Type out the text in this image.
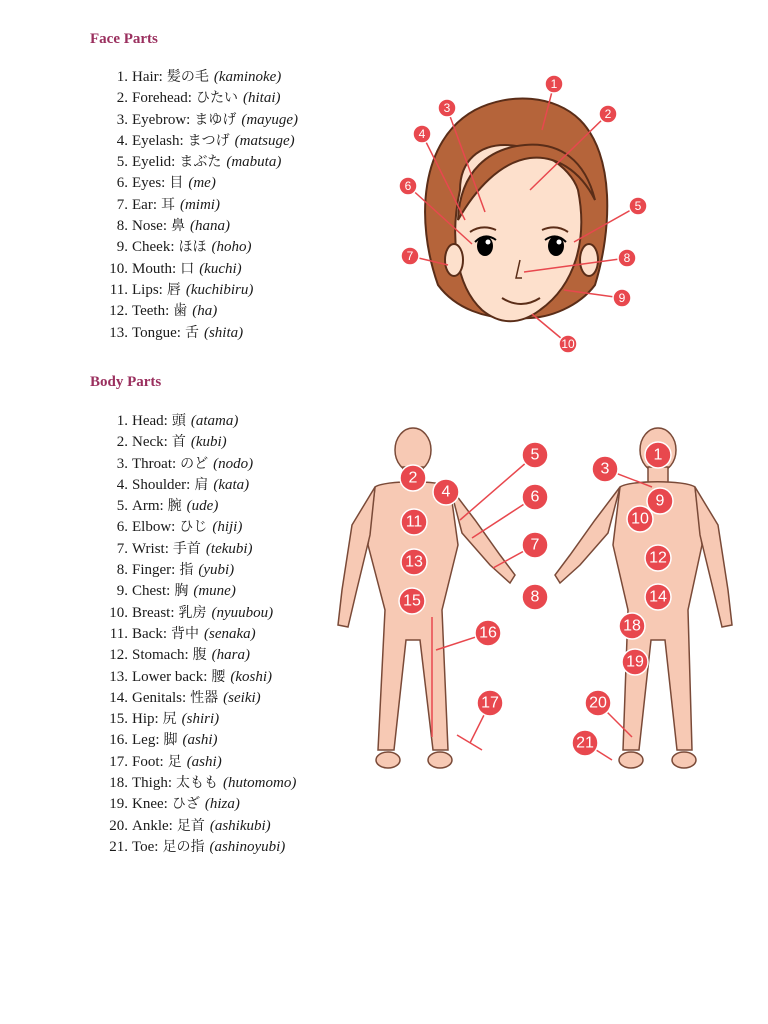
Face Parts
1. Hair: 髪の毛 (kaminoke)
2. Forehead: ひたい (hitai)
3. Eyebrow: まゆげ (mayuge)
4. Eyelash: まつげ (matsuge)
5. Eyelid: まぶた (mabuta)
6. Eyes: 目 (me)
7. Ear: 耳 (mimi)
8. Nose: 鼻 (hana)
9. Cheek: ほほ (hoho)
10. Mouth: 口 (kuchi)
11. Lips: 唇 (kuchibiru)
12. Teeth: 歯 (ha)
13. Tongue: 舌 (shita)
Body Parts
1. Head: 頭 (atama)
2. Neck: 首 (kubi)
3. Throat: のど (nodo)
4. Shoulder: 肩 (kata)
5. Arm: 腕 (ude)
6. Elbow: ひじ (hiji)
7. Wrist: 手首 (tekubi)
8. Finger: 指 (yubi)
9. Chest: 胸 (mune)
10. Breast: 乳房 (nyuubou)
11. Back: 背中 (senaka)
12. Stomach: 腹 (hara)
13. Lower back: 腰 (koshi)
14. Genitals: 性器 (seiki)
15. Hip: 尻 (shiri)
16. Leg: 脚 (ashi)
17. Foot: 足 (ashi)
18. Thigh: 太もも (hutomomo)
19. Knee: ひざ (hiza)
20. Ankle: 足首 (ashikubi)
21. Toe: 足の指 (ashinoyubi)
1
2
3
4
5
6
7	8
9
10
1
2
3
4
5
6
7
8
9
10
11
12
13
14
15
16
17
18
19
20
21
